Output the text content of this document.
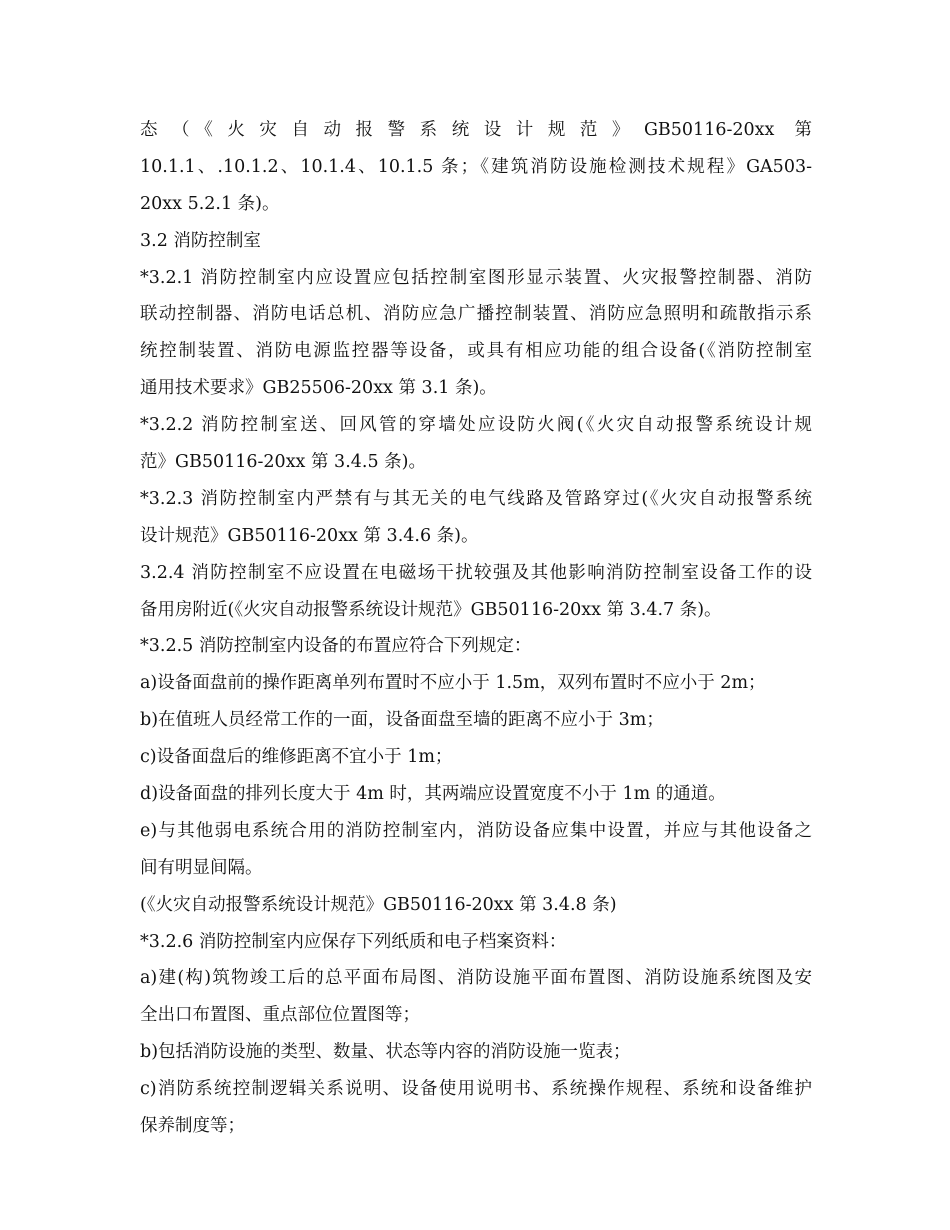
态（《火灾自动报警系统设计规范》GB50116-20xx 第
10.1.1、.10.1.2、10.1.4、10.1.5 条；《建筑消防设施检测技术规程》GA503-
20xx 5.2.1 条)。
3.2 消防控制室
*3.2.1 消防控制室内应设置应包括控制室图形显示装置、火灾报警控制器、消防
联动控制器、消防电话总机、消防应急广播控制装置、消防应急照明和疏散指示系
统控制装置、消防电源监控器等设备，或具有相应功能的组合设备(《消防控制室
通用技术要求》GB25506-20xx 第 3.1 条)。
*3.2.2 消防控制室送、回风管的穿墙处应设防火阀(《火灾自动报警系统设计规
范》GB50116-20xx 第 3.4.5 条)。
*3.2.3 消防控制室内严禁有与其无关的电气线路及管路穿过(《火灾自动报警系统
设计规范》GB50116-20xx 第 3.4.6 条)。
3.2.4 消防控制室不应设置在电磁场干扰较强及其他影响消防控制室设备工作的设
备用房附近(《火灾自动报警系统设计规范》GB50116-20xx 第 3.4.7 条)。
*3.2.5 消防控制室内设备的布置应符合下列规定：
a)设备面盘前的操作距离单列布置时不应小于 1.5m，双列布置时不应小于 2m；
b)在值班人员经常工作的一面，设备面盘至墙的距离不应小于 3m；
c)设备面盘后的维修距离不宜小于 1m；
d)设备面盘的排列长度大于 4m 时，其两端应设置宽度不小于 1m 的通道。
e)与其他弱电系统合用的消防控制室内，消防设备应集中设置，并应与其他设备之
间有明显间隔。
(《火灾自动报警系统设计规范》GB50116-20xx 第 3.4.8 条)
*3.2.6 消防控制室内应保存下列纸质和电子档案资料：
a)建(构)筑物竣工后的总平面布局图、消防设施平面布置图、消防设施系统图及安
全出口布置图、重点部位位置图等；
b)包括消防设施的类型、数量、状态等内容的消防设施一览表；
c)消防系统控制逻辑关系说明、设备使用说明书、系统操作规程、系统和设备维护
保养制度等；
